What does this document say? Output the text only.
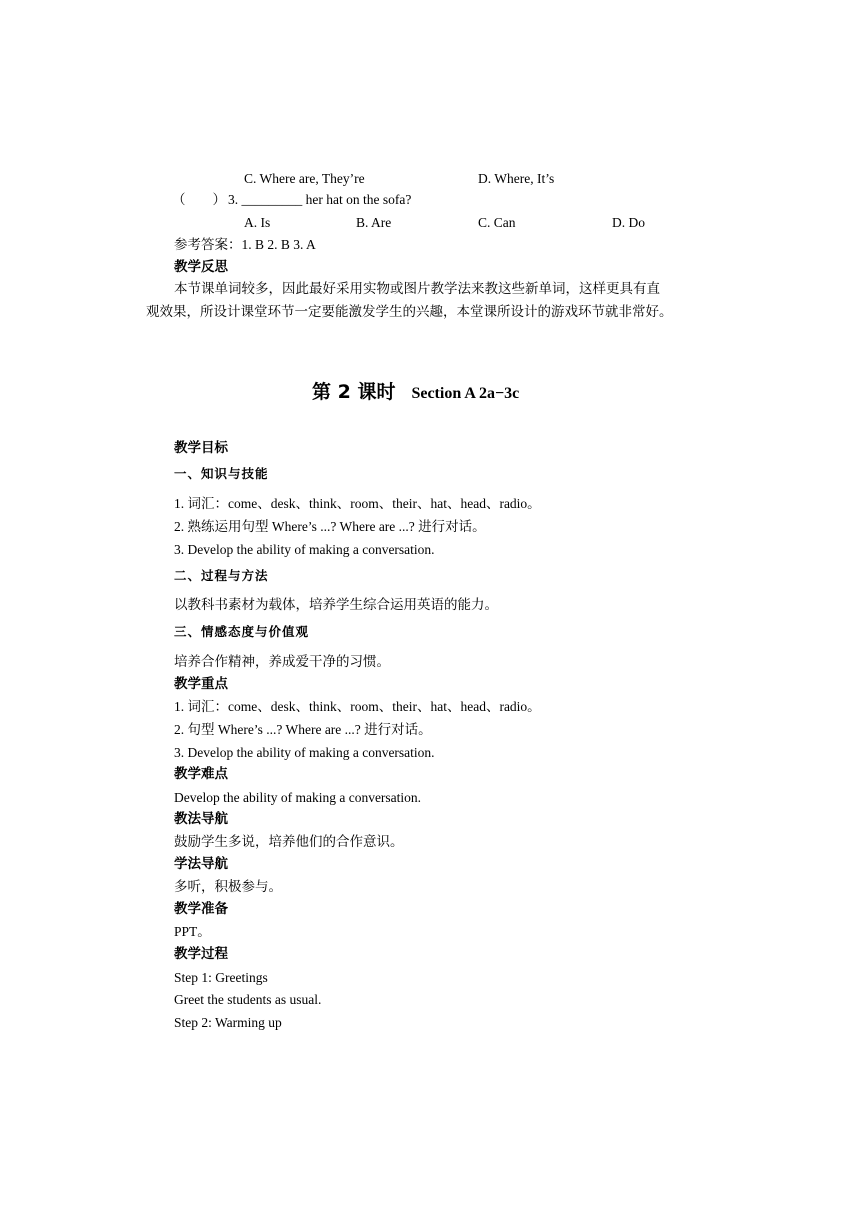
C. Where are, They’re	D. Where, It’s
（　　） 3. _________ her hat on the sofa?
A. Is	B. Are	C. Can	D. Do
参考答案：1. B 2. B 3. A
教学反思
本节课单词较多，因此最好采用实物或图片教学法来教这些新单词，这样更具有直
观效果，所设计课堂环节一定要能激发学生的兴趣，本堂课所设计的游戏环节就非常好。
第 2 课时 Section A 2a−3c
教学目标
一、知识与技能
1. 词汇：come、desk、think、room、their、hat、head、radio。
2. 熟练运用句型 Where’s ...? Where are ...? 进行对话。
3. Develop the ability of making a conversation.
二、过程与方法
以教科书素材为载体，培养学生综合运用英语的能力。
三、情感态度与价值观
培养合作精神，养成爱干净的习惯。
教学重点
1. 词汇：come、desk、think、room、their、hat、head、radio。
2. 句型 Where’s ...? Where are ...? 进行对话。
3. Develop the ability of making a conversation.
教学难点
Develop the ability of making a conversation.
教法导航
鼓励学生多说，培养他们的合作意识。
学法导航
多听，积极参与。
教学准备
PPT。
教学过程
Step 1: Greetings
Greet the students as usual.
Step 2: Warming up
